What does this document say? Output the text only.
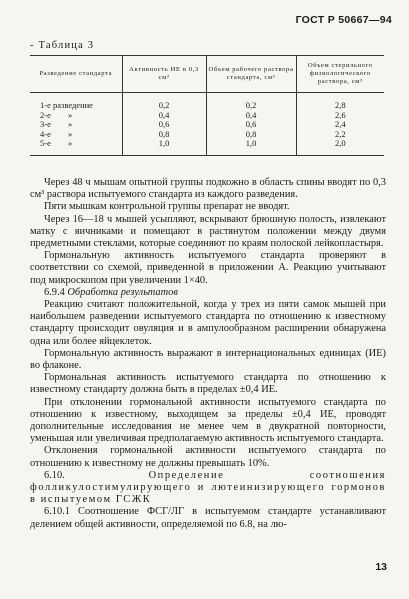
ГОСТ Р 50667—94
- Таблица 3
Разведение стандарта	Активность ИЕ в 0,3 см³	Объем рабочего раствора стандарта, см³	Объем стерильного физиологического раствора, см³
1-е разведение	0,2	0,2	2,8
2-е »	0,4	0,4	2,6
3-е »	0,6	0,6	2,4
4-е »	0,8	0,8	2,2
5-е »	1,0	1,0	2,0

Через 48 ч мышам опытной группы подкожно в область спины вводят по 0,3 см³ раствора испытуемого стандарта из каждого разведения.

Пяти мышкам контрольной группы препарат не вводят.

Через 16—18 ч мышей усыпляют, вскрывают брюшную полость, извлекают матку с яичниками и помещают в растянутом положении между двумя предметными стеклами, которые соединяют по краям полоской лейкопластыря.

Гормональную активность испытуемого стандарта проверяют в соответствии со схемой, приведенной в приложении А. Реакцию учитывают под микроскопом при увеличении 1×40.

6.9.4 Обработка результатов

Реакцию считают положительной, когда у трех из пяти самок мышей при наибольшем разведении испытуемого стандарта по отношению к известному стандарту происходит овуляция и в ампулообразном расширении обнаружена одна или более яйцеклеток.

Гормональную активность выражают в интернациональных единицах (ИЕ) во флаконе.

Гормональная активность испытуемого стандарта по отношению к известному стандарту должна быть в пределах ±0,4 ИЕ.

При отклонении гормональной активности испытуемого стандарта по отношению к известному, выходящем за пределы ±0,4 ИЕ, проводят дополнительные исследования не менее чем в двукратной повторности, уменьшая или увеличивая предполагаемую активность испытуемого стандарта.

Отклонения гормональной активности испытуемого стандарта по отношению к известному не должны превышать 10%.

6.10.	Определение соотношения фолликулостимулирующего и лютеинизирующего гормонов в испытуемом ГСЖК

6.10.1 Соотношение ФСГ/ЛГ в испытуемом стандарте устанавливают делением общей активности, определяемой по 6.8, на лю-

13
